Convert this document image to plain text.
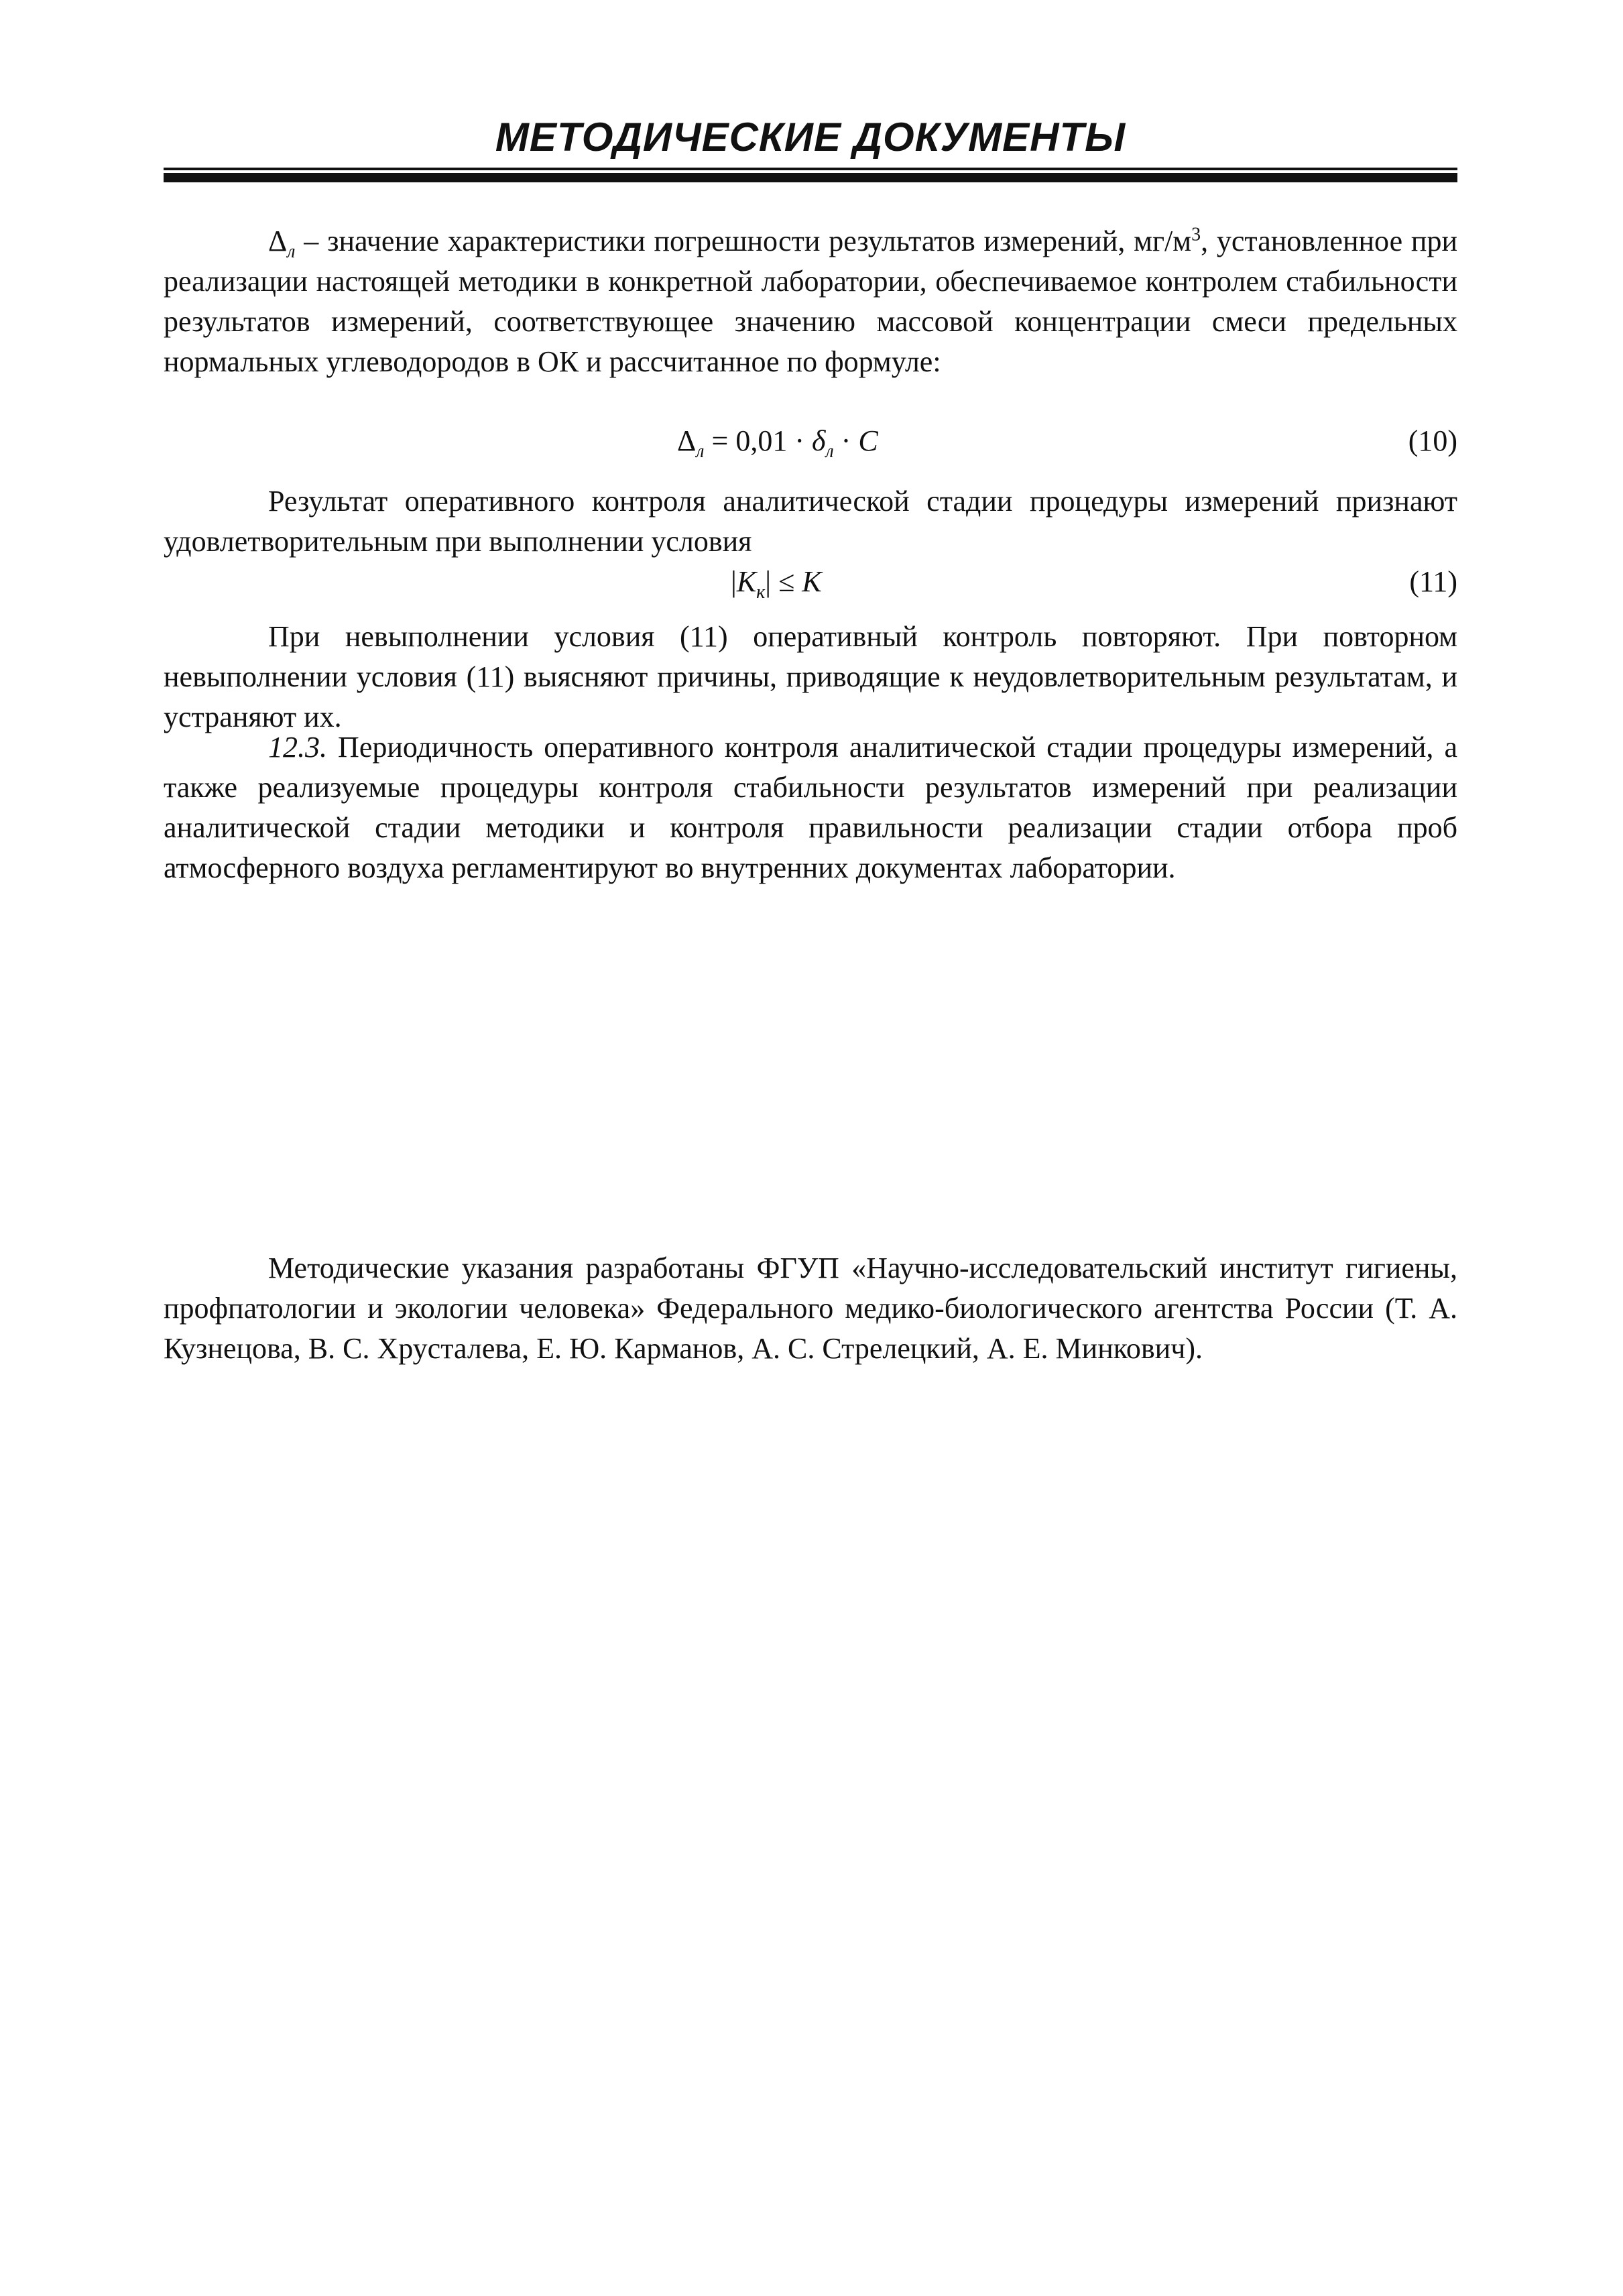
МЕТОДИЧЕСКИЕ ДОКУМЕНТЫ
$\Delta_л$ – значение характеристики погрешности результатов измерений, $мг/м^3$, установленное при реализации настоящей методики в конкретной лаборатории, обеспечиваемое контролем стабильности результатов измерений, соответствующее значению массовой концентрации смеси предельных нормальных углеводородов в ОК и рассчитанное по формуле:
$\Delta_л = 0,01 \cdot \delta_л \cdot C$	(10)
Результат оперативного контроля аналитической стадии процедуры измерений признают удовлетворительным при выполнении условия
$|K_к| \le K$	(11)
При невыполнении условия (11) оперативный контроль повторяют. При повторном невыполнении условия (11) выясняют причины, приводящие к неудовлетворительным результатам, и устраняют их.
12.3. Периодичность оперативного контроля аналитической стадии процедуры измерений, а также реализуемые процедуры контроля стабильности результатов измерений при реализации аналитической стадии методики и контроля правильности реализации стадии отбора проб атмосферного воздуха регламентируют во внутренних документах лаборатории.
Методические указания разработаны ФГУП «Научно-исследовательский институт гигиены, профпатологии и экологии человека» Федерального медико-биологического агентства России (Т. А. Кузнецова, В. С. Хрусталева, Е. Ю. Карманов, А. С. Стрелецкий, А. Е. Минкович).
